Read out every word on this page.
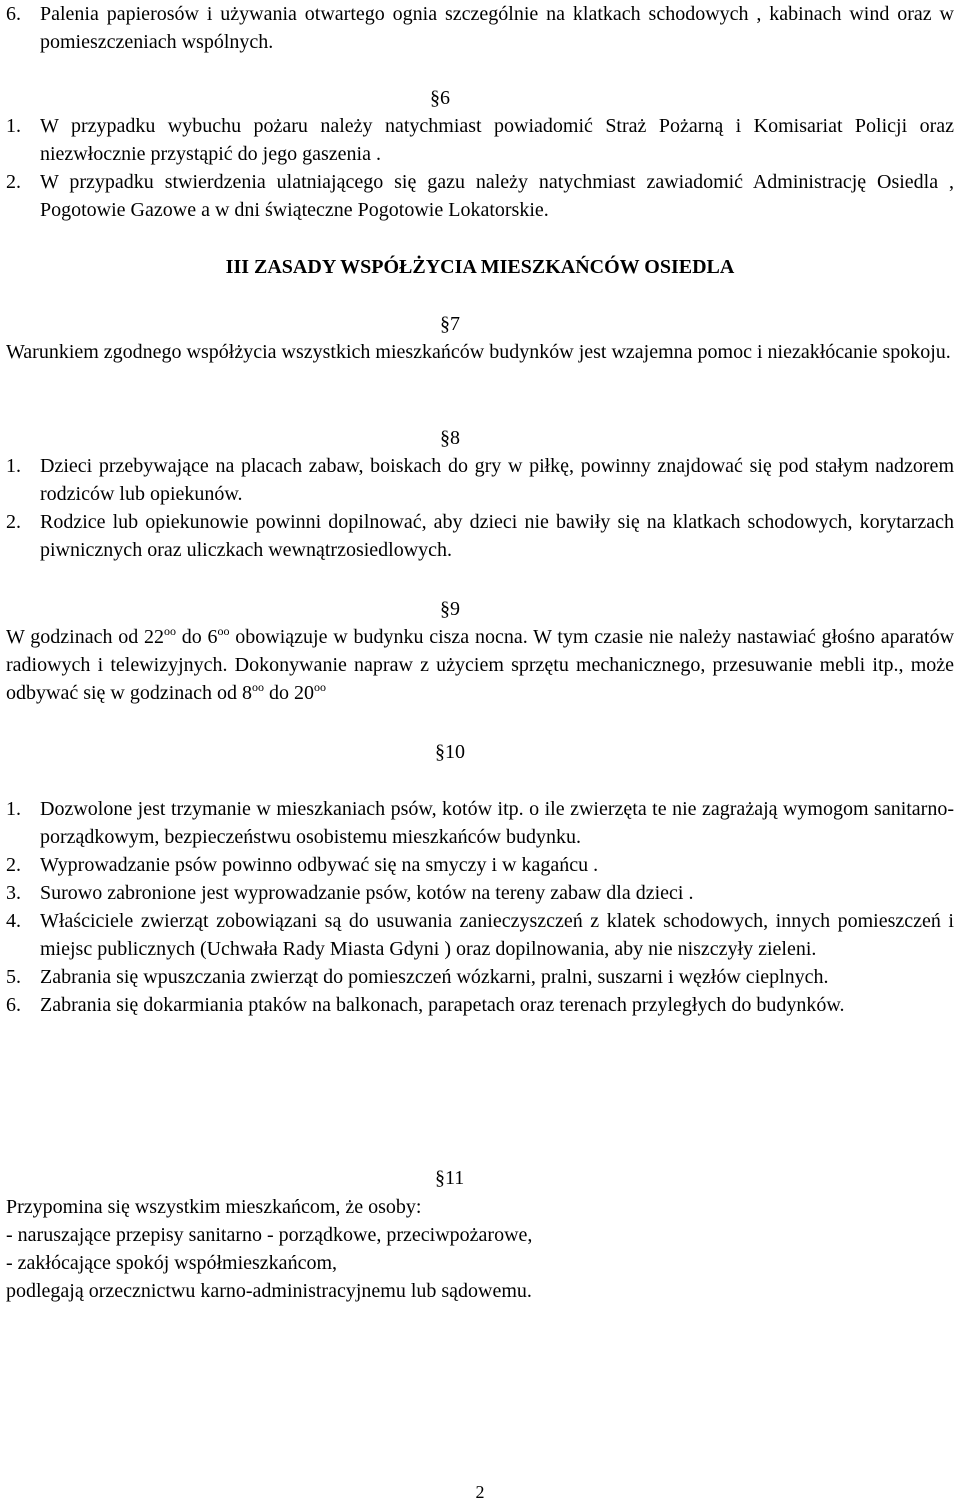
6. Palenia papierosów i używania otwartego ognia szczególnie na klatkach schodowych , kabinach wind oraz w pomieszczeniach wspólnych.
§6
1. W przypadku wybuchu pożaru należy natychmiast powiadomić Straż Pożarną i Komisariat Policji oraz niezwłocznie przystąpić do jego gaszenia .
2. W przypadku stwierdzenia ulatniającego się gazu należy natychmiast zawiadomić Administrację Osiedla , Pogotowie Gazowe a w dni świąteczne Pogotowie Lokatorskie.
III ZASADY WSPÓŁŻYCIA MIESZKAŃCÓW OSIEDLA
§7

Warunkiem zgodnego współżycia wszystkich mieszkańców budynków jest wzajemna pomoc i niezakłócanie spokoju.

§8
1. Dzieci przebywające na placach zabaw, boiskach do gry w piłkę, powinny znajdować się pod stałym nadzorem rodziców lub opiekunów.
2. Rodzice lub opiekunowie powinni dopilnować, aby dzieci nie bawiły się na klatkach schodowych, korytarzach piwnicznych oraz uliczkach wewnątrzosiedlowych.
§9

W godzinach od $22^{oo}$ do $6^{oo}$ obowiązuje w budynku cisza nocna. W tym czasie nie należy nastawiać głośno aparatów radiowych i telewizyjnych. Dokonywanie napraw z użyciem sprzętu mechanicznego, przesuwanie mebli itp., może odbywać się w godzinach od $8^{oo}$ do $20^{oo}$

§10
1. Dozwolone jest trzymanie w mieszkaniach psów, kotów itp. o ile zwierzęta te nie zagrażają wymogom sanitarno-porządkowym, bezpieczeństwu osobistemu mieszkańców budynku.
2. Wyprowadzanie psów powinno odbywać się na smyczy i w kagańcu .
3. Surowo zabronione jest wyprowadzanie psów, kotów na tereny zabaw dla dzieci .
4. Właściciele zwierząt zobowiązani są do usuwania zanieczyszczeń z klatek schodowych, innych pomieszczeń i miejsc publicznych (Uchwała Rady Miasta Gdyni ) oraz dopilnowania, aby nie niszczyły zieleni.
5. Zabrania się wpuszczania zwierząt do pomieszczeń wózkarni, pralni, suszarni i węzłów cieplnych.
6. Zabrania się dokarmiania ptaków na balkonach, parapetach oraz terenach przyległych do budynków.
§11
Przypomina się wszystkim mieszkańcom, że osoby:
- naruszające przepisy sanitarno - porządkowe, przeciwpożarowe,
- zakłócające spokój współmieszkańcom,
podlegają orzecznictwu karno-administracyjnemu lub sądowemu.
2
